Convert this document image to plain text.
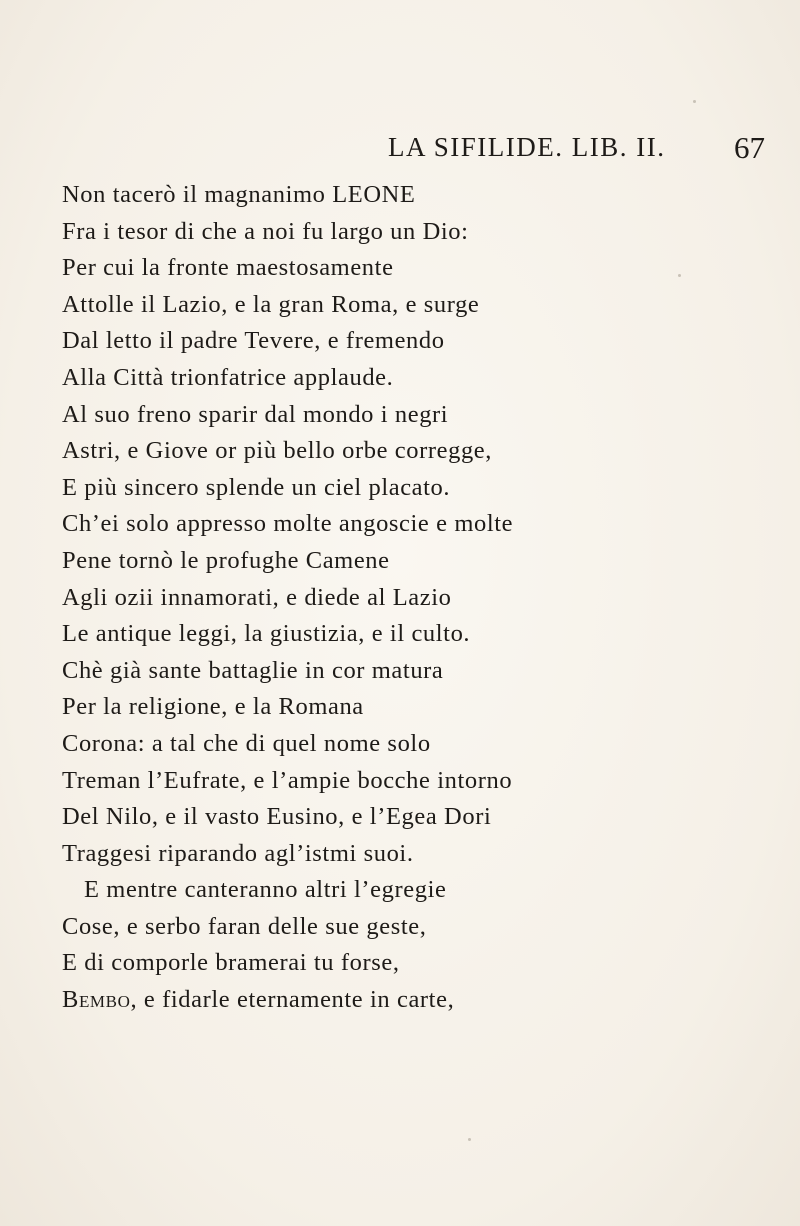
LA SIFILIDE. LIB. II. 67
Non tacerò il magnanimo LEONE
Fra i tesor di che a noi fu largo un Dio:
Per cui la fronte maestosamente
Attolle il Lazio, e la gran Roma, e surge
Dal letto il padre Tevere, e fremendo
Alla Città trionfatrice applaude.
Al suo freno sparir dal mondo i negri
Astri, e Giove or più bello orbe corregge,
E più sincero splende un ciel placato.
Ch’ei solo appresso molte angoscie e molte
Pene tornò le profughe Camene
Agli ozii innamorati, e diede al Lazio
Le antique leggi, la giustizia, e il culto.
Chè già sante battaglie in cor matura
Per la religione, e la Romana
Corona: a tal che di quel nome solo
Treman l’Eufrate, e l’ampie bocche intorno
Del Nilo, e il vasto Eusino, e l’Egea Dori
Traggesi riparando agl’istmi suoi.
E mentre canteranno altri l’egregie
Cose, e serbo faran delle sue geste,
E di comporle bramerai tu forse,
Bembo, e fidarle eternamente in carte,
